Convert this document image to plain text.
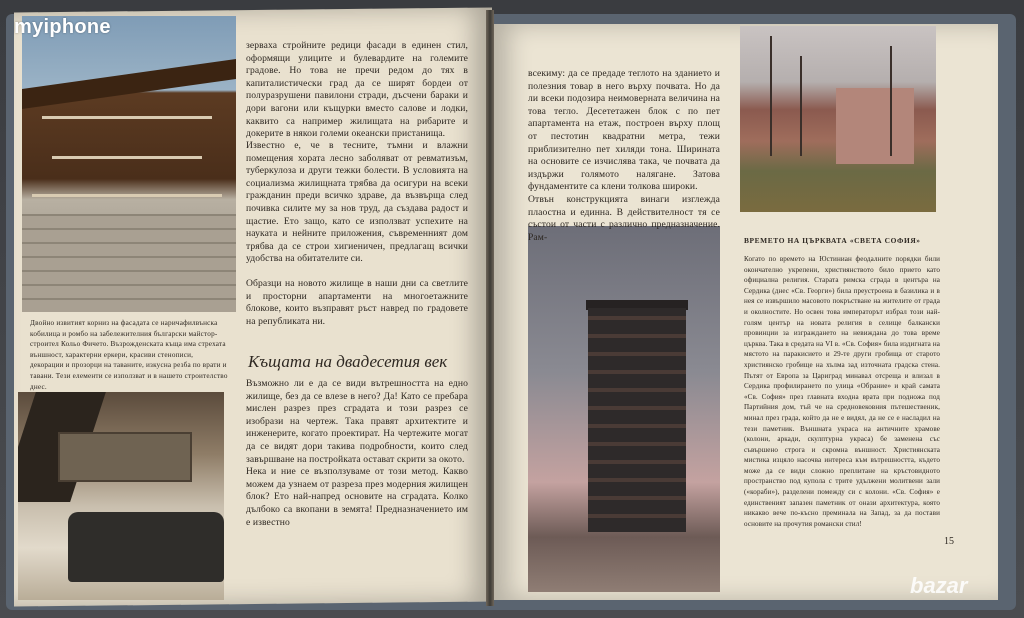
зерваха стройните редици фасади в единен стил, оформящи улиците и булевардите на големите градове. Но това не пречи редом до тях в капиталистически град да се ширят бордеи от полуразрушени павилони стради, дъсчени бараки и дори вагони или къщурки вместо салове и лодки, каквито са например жилищата на рибарите и докерите в някои големи океански пристанища.
Известно е, че в тесните, тъмни и влажни помещения хората лесно заболяват от ревматизъм, туберкулоза и други тежки болести. В условията на социализма жилищната трябва да осигури на всеки гражданин преди всичко здраве, да възвърща след почивка силите му за нов труд, да създава радост и щастие. Ето защо, като се използват успехите на науката и нейните приложения, съвременният дом трябва да се строи хигиеничен, предлагащ всички удобства на обитателите си.
Образци на новото жилище в наши дни са светлите и просторни апартаменти на многоетажните блокове, които възправят ръст навред по градовете на републиката ни.
Двойно извитият корниз на фасадата се наричафилвънска кобилица и ромбо на забележителния български майстор-строител Кольо Фичето. Възрожденската къща има стрехата външност, характерни еркери, красиви стенописи, декорации и прозорци на таваните, изкусна резба по врати и тавани. Тези елементи се използват и в нашето строителство днес.
Къщата на двадесетия век
Възможно ли е да се види вътрешността на едно жилище, без да се влезе в него? Да! Като се пребара мислен разрез през сградата и този разрез се изобрази на чертеж. Така правят архитектите и инженерите, когато проектират. На чертежите могат да се видят дори такива подробности, които след завършване на постройката остават скрити за окото.
Нека и ние се възползуваме от този метод. Какво можем да узнаем от разреза през модерния жилищен блок? Ето най-напред основите на сградата. Колко дълбоко са вкопани в земята! Предназначението им е известно
всекиму: да се предаде теглото на зданието и полезния товар в него върху почвата. Но да ли всеки подозира неимоверната величина на това тегло. Десететажен блок с по пет апартамента на етаж, построен върху площ от пестотин квадратни метра, тежи приблизително пет хиляди тона. Ширината на основите се изчислява така, че почвата да издържи голямото налягане. Затова фундаментите са клени толкова широки.
Отвън конструкцията винаги изглежда плаостна и единна. В действителност тя се състои от части с различно предназначение. Рам-	ВРЕМЕТО НА ЦЪРКВАТА «СВЕТА СОФИЯ»
Когато по времето на Юстиниан феодалните порядки били окончателно укрепени, християнството било прието като официална религия. Старата римска сграда в центъра на Сердика (днес «Св. Георги») била преустроена в базилика и в нея се извършило масовото покръстване на жителите от града и околностите. Но освен това императорът избрал този най-голям център на новата религия в селище балкански провинции за изграждането на невиждана до това време църква. Така в средата на VI в. «Св. София» била издигната на мястото на паракисието и 29-те други гробища от старото християнско гробище на хълма зад източната градска стена. Пътят от Европа за Цариград минавал отсреща и влизал в Сердика профилирането по улица «Обрание» и край самата «Св. София» през главната входна врата при подножа под Партийния дом, тъй че на средновековния пътешественик, минал през града, който да не е видял, да не се е насладил на тези паметник. Външната украса на античните храмове (колони, аркади, скулптурна украса) бе заменена със съвършено строга и скромна външност. Християнската мистика изцяло насочва интереса към вътрешността, където може да се види сложно преплитане на кръстовидното пространство под купола с трите удължени молитвени зали («кораби»), разделени помежду си с колони. «Св. София» е единственият запазен паметник от онази архитектура, която никакво вече по-късно преминала на Запад, за да постави основите на прочутия романски стил!
15
myiphone
bazar
